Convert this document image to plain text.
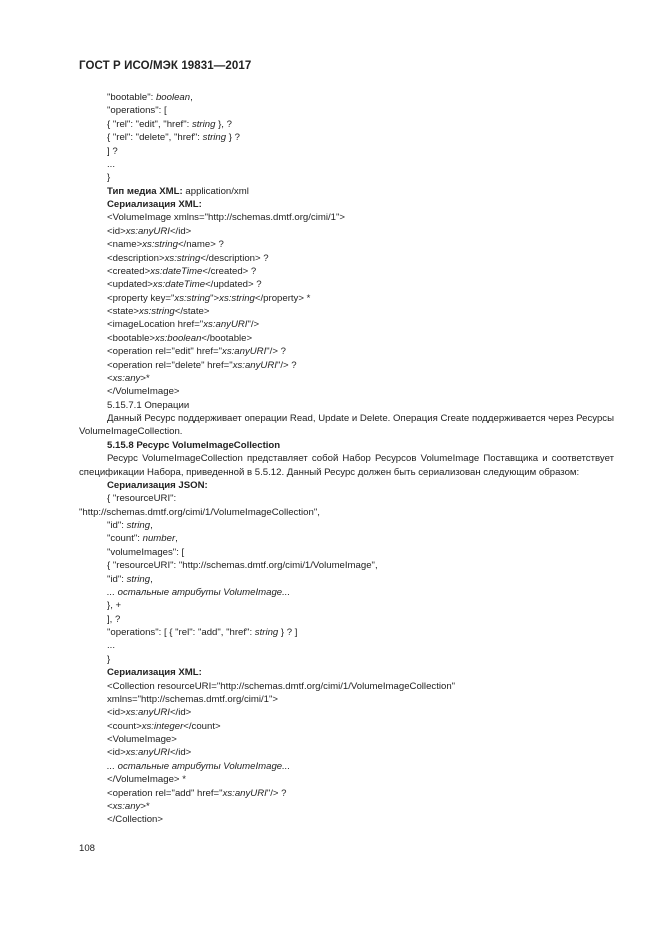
ГОСТ Р ИСО/МЭК 19831—2017
"bootable": boolean,
"operations": [
{ "rel": "edit", "href": string }, ?
{ "rel": "delete", "href": string } ?
] ?
...
}
Тип медиа XML: application/xml
Сериализация XML:
<VolumeImage xmlns="http://schemas.dmtf.org/cimi/1">
<id>xs:anyURI</id>
<name>xs:string</name> ?
<description>xs:string</description> ?
<created>xs:dateTime</created> ?
<updated>xs:dateTime</updated> ?
<property key="xs:string">xs:string</property> *
<state>xs:string</state>
<imageLocation href="xs:anyURI"/>
<bootable>xs:boolean</bootable>
<operation rel="edit" href="xs:anyURI"/> ?
<operation rel="delete" href="xs:anyURI"/> ?
<xs:any>*
</VolumeImage>
5.15.7.1 Операции
Данный Ресурс поддерживает операции Read, Update и Delete. Операция Create поддерживается через Ресурсы VolumeImageCollection.
5.15.8 Ресурс VolumeImageCollection
Ресурс VolumeImageCollection представляет собой Набор Ресурсов VolumeImage Поставщика и соответствует спецификации Набора, приведенной в 5.5.12. Данный Ресурс должен быть сериализован следующим образом:
Сериализация JSON:
{ "resourceURI":
"http://schemas.dmtf.org/cimi/1/VolumeImageCollection",
"id": string,
"count": number,
"volumeImages": [
{ "resourceURI": "http://schemas.dmtf.org/cimi/1/VolumeImage",
"id": string,
... остальные атрибуты VolumeImage...
}, +
], ?
"operations": [ { "rel": "add", "href": string } ? ]
...
}
Сериализация XML:
<Collection resourceURI="http://schemas.dmtf.org/cimi/1/VolumeImageCollection"
xmlns="http://schemas.dmtf.org/cimi/1">
<id>xs:anyURI</id>
<count>xs:integer</count>
<VolumeImage>
<id>xs:anyURI</id>
... остальные атрибуты VolumeImage...
</VolumeImage> *
<operation rel="add" href="xs:anyURI"/> ?
<xs:any>*
</Collection>
108
